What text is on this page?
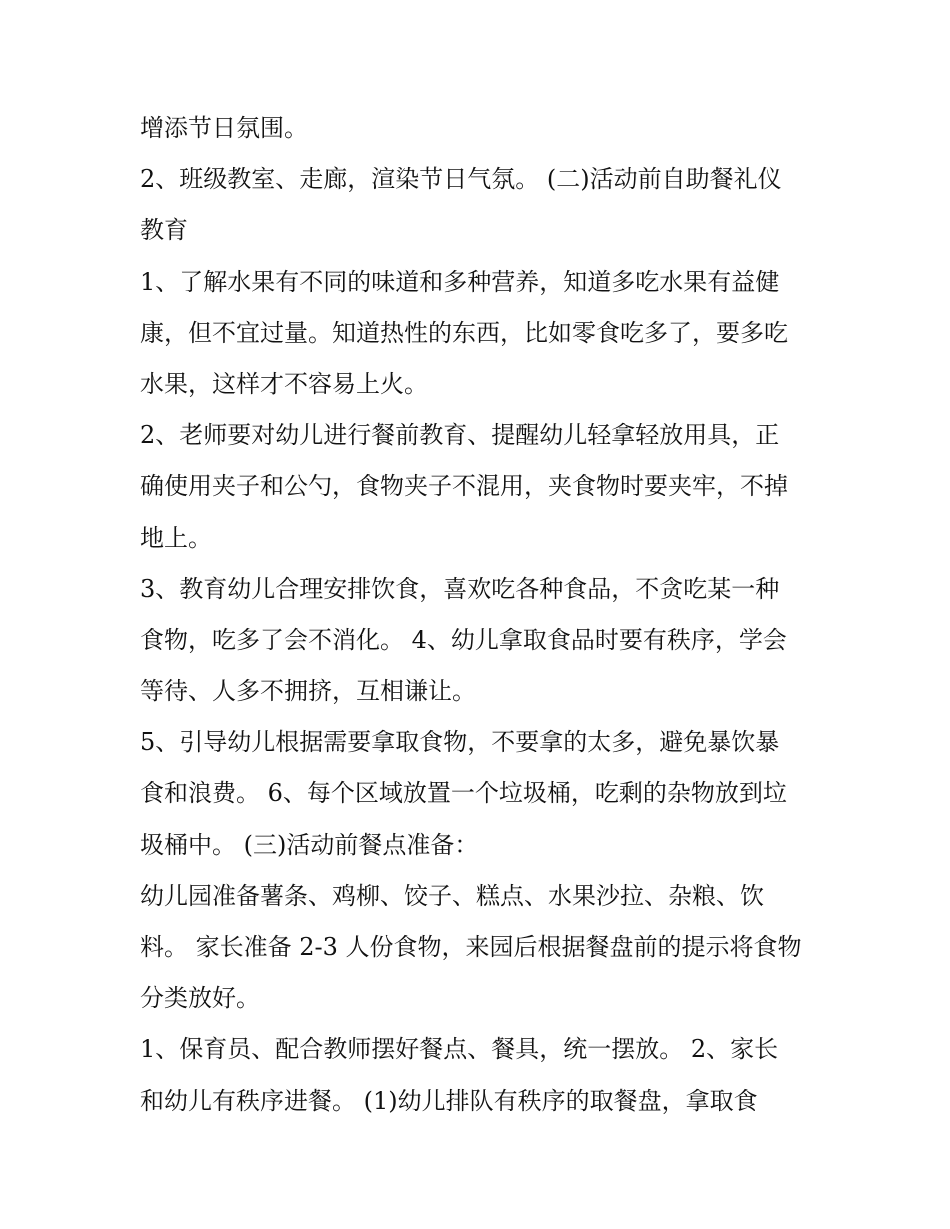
增添节日氛围。
2、班级教室、走廊，渲染节日气氛。 (二)活动前自助餐礼仪
教育
1、了解水果有不同的味道和多种营养，知道多吃水果有益健
康，但不宜过量。知道热性的东西，比如零食吃多了，要多吃
水果，这样才不容易上火。
2、老师要对幼儿进行餐前教育、提醒幼儿轻拿轻放用具，正
确使用夹子和公勺，食物夹子不混用，夹食物时要夹牢，不掉
地上。
3、教育幼儿合理安排饮食，喜欢吃各种食品，不贪吃某一种
食物，吃多了会不消化。 4、幼儿拿取食品时要有秩序，学会
等待、人多不拥挤，互相谦让。
5、引导幼儿根据需要拿取食物，不要拿的太多，避免暴饮暴
食和浪费。 6、每个区域放置一个垃圾桶，吃剩的杂物放到垃
圾桶中。 (三)活动前餐点准备：
幼儿园准备薯条、鸡柳、饺子、糕点、水果沙拉、杂粮、饮
料。 家长准备 2-3 人份食物，来园后根据餐盘前的提示将食物
分类放好。
1、保育员、配合教师摆好餐点、餐具，统一摆放。 2、家长
和幼儿有秩序进餐。 (1)幼儿排队有秩序的取餐盘，拿取食
